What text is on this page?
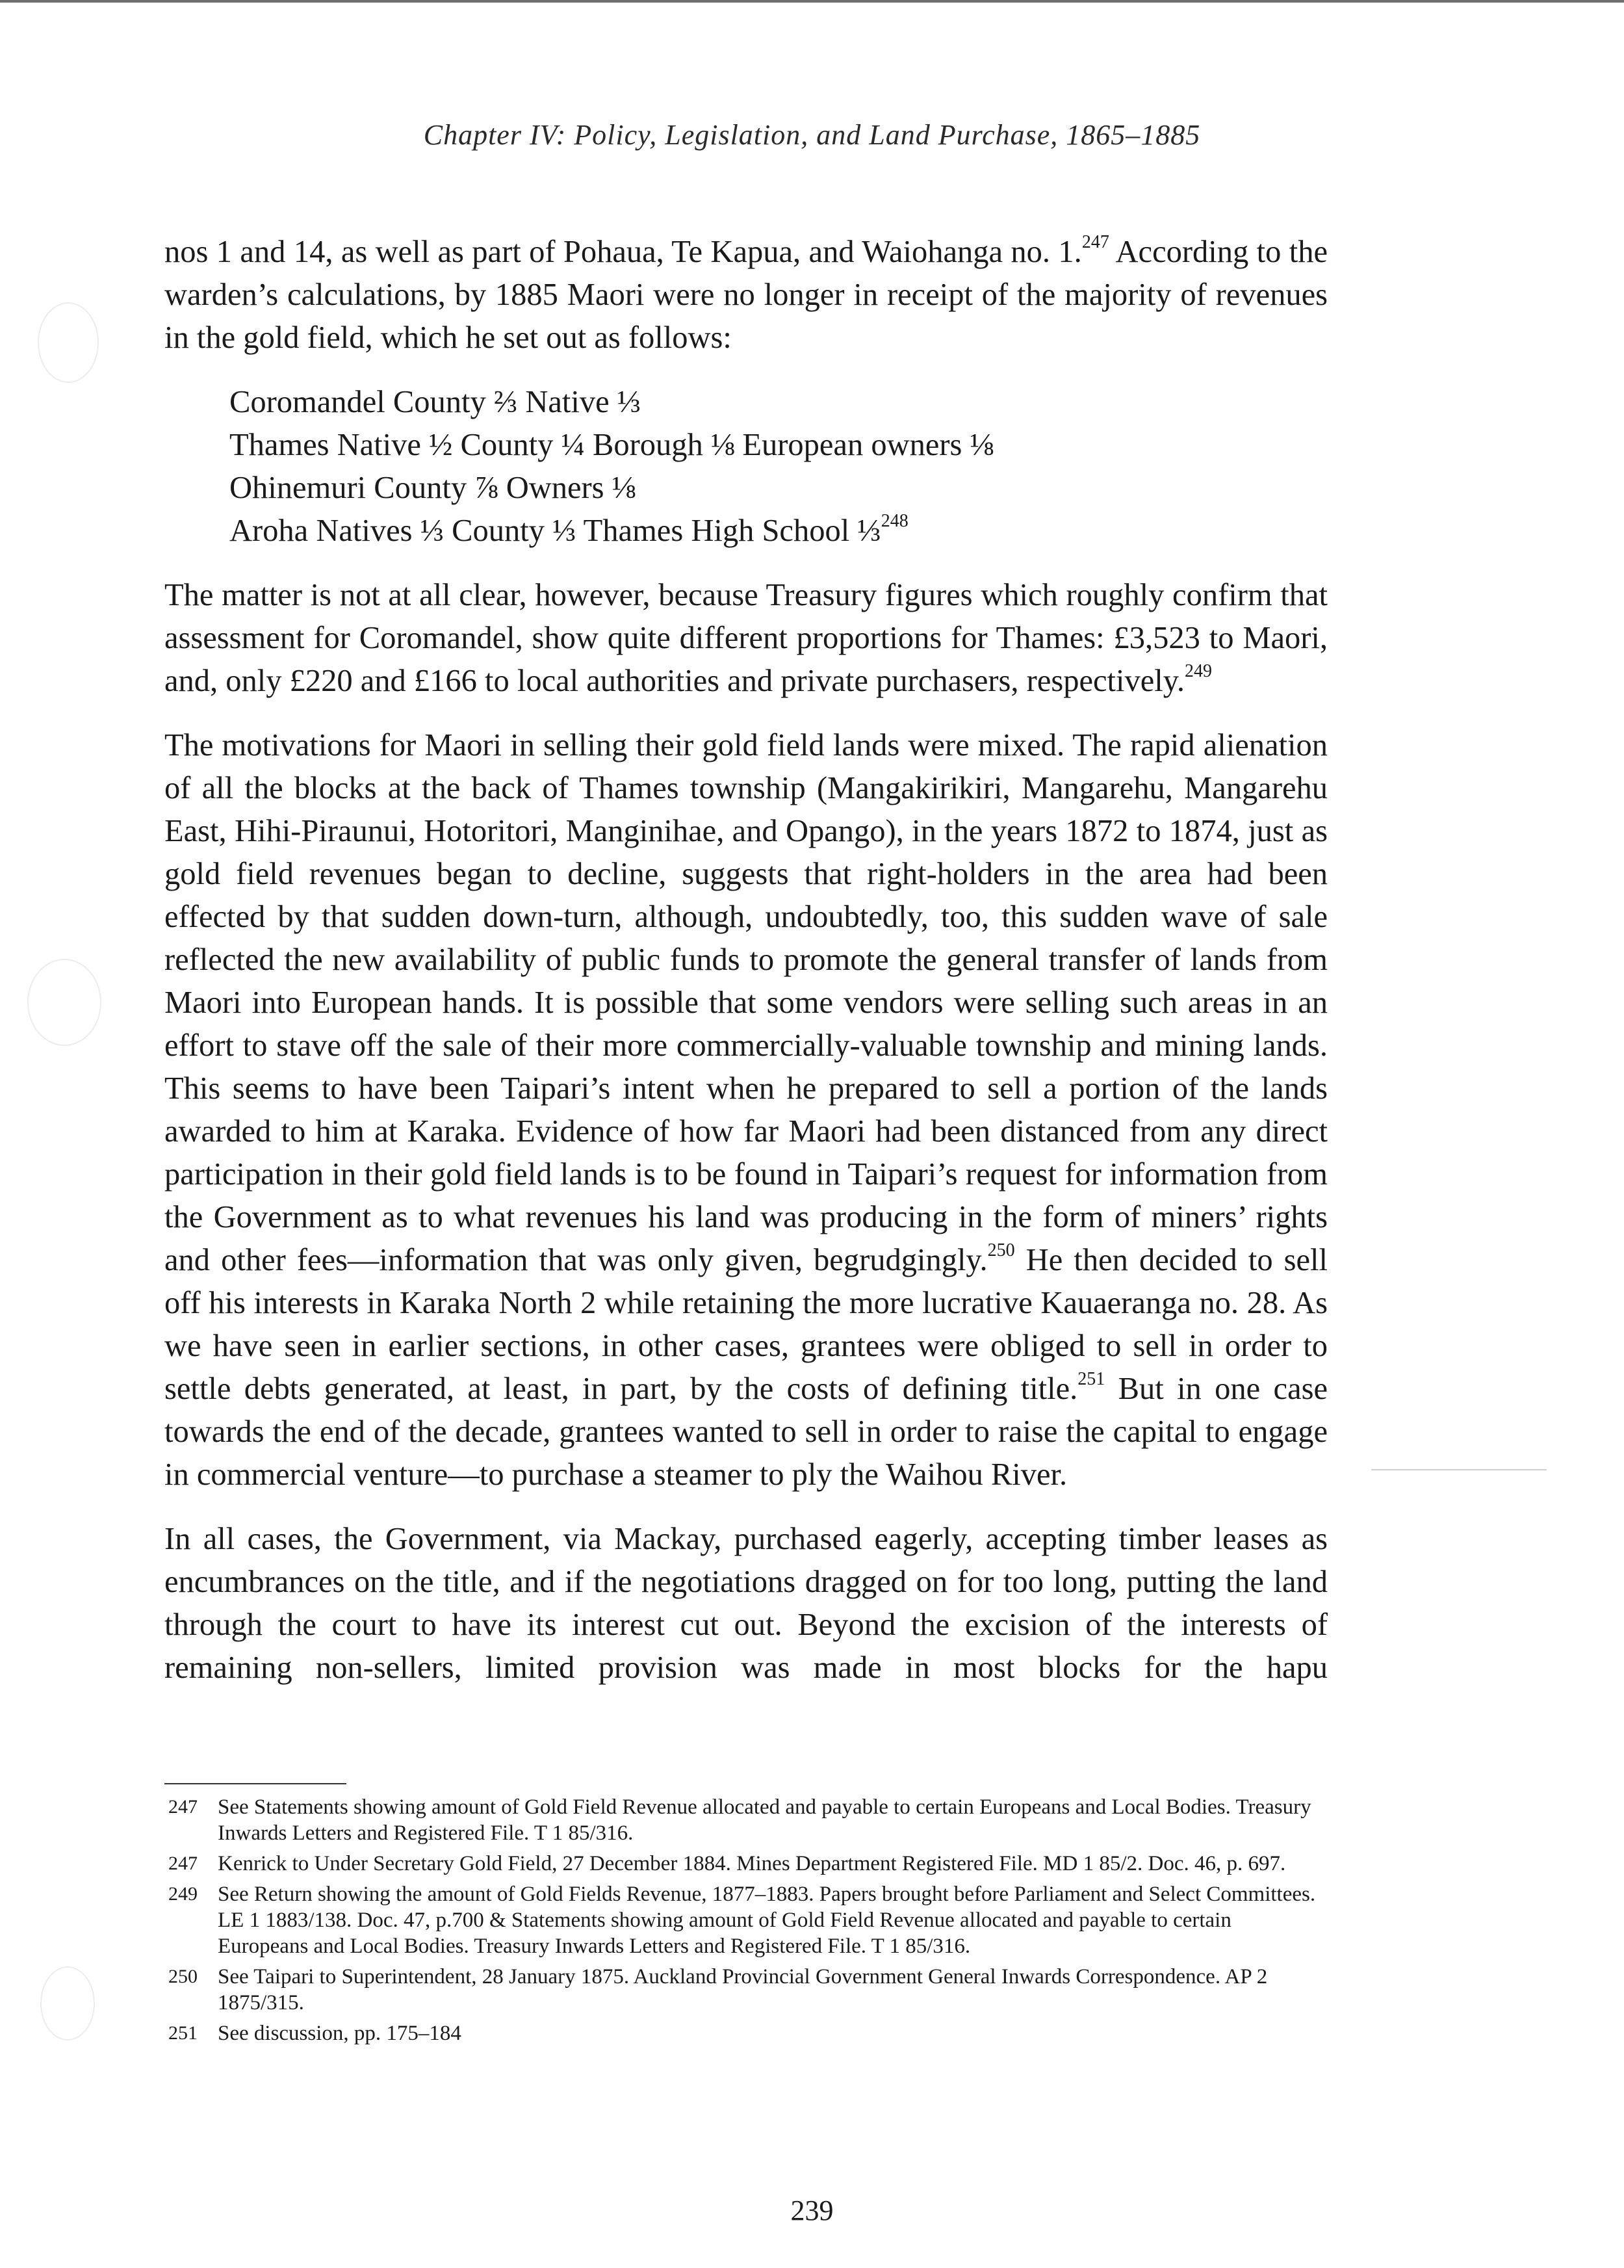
Chapter IV: Policy, Legislation, and Land Purchase, 1865–1885

nos 1 and 14, as well as part of Pohaua, Te Kapua, and Waiohanga no. 1.$^{247}$ According to the warden’s calculations, by 1885 Maori were no longer in receipt of the majority of revenues in the gold field, which he set out as follows:

Coromandel County ⅔ Native ⅓
Thames Native ½ County ¼ Borough ⅛ European owners ⅛
Ohinemuri County ⅞ Owners ⅛
Aroha Natives ⅓ County ⅓ Thames High School ⅓$^{248}$

The matter is not at all clear, however, because Treasury figures which roughly confirm that assessment for Coromandel, show quite different proportions for Thames: £3,523 to Maori, and, only £220 and £166 to local authorities and private purchasers, respectively.$^{249}$

The motivations for Maori in selling their gold field lands were mixed. The rapid alienation of all the blocks at the back of Thames township (Mangakirikiri, Mangarehu, Mangarehu East, Hihi-Piraunui, Hotoritori, Manginihae, and Opango), in the years 1872 to 1874, just as gold field revenues began to decline, suggests that right-holders in the area had been effected by that sudden down-turn, although, undoubtedly, too, this sudden wave of sale reflected the new availability of public funds to promote the general transfer of lands from Maori into European hands. It is possible that some vendors were selling such areas in an effort to stave off the sale of their more commercially-valuable township and mining lands. This seems to have been Taipari’s intent when he prepared to sell a portion of the lands awarded to him at Karaka. Evidence of how far Maori had been distanced from any direct participation in their gold field lands is to be found in Taipari’s request for information from the Government as to what revenues his land was producing in the form of miners’ rights and other fees—information that was only given, begrudgingly.$^{250}$ He then decided to sell off his interests in Karaka North 2 while retaining the more lucrative Kauaeranga no. 28. As we have seen in earlier sections, in other cases, grantees were obliged to sell in order to settle debts generated, at least, in part, by the costs of defining title.$^{251}$ But in one case towards the end of the decade, grantees wanted to sell in order to raise the capital to engage in commercial venture—to purchase a steamer to ply the Waihou River.

In all cases, the Government, via Mackay, purchased eagerly, accepting timber leases as encumbrances on the title, and if the negotiations dragged on for too long, putting the land through the court to have its interest cut out. Beyond the excision of the interests of remaining non-sellers, limited provision was made in most blocks for the hapu

247 See Statements showing amount of Gold Field Revenue allocated and payable to certain Europeans and Local Bodies. Treasury Inwards Letters and Registered File. T 1 85/316.
247 Kenrick to Under Secretary Gold Field, 27 December 1884. Mines Department Registered File. MD 1 85/2. Doc. 46, p. 697.
249 See Return showing the amount of Gold Fields Revenue, 1877–1883. Papers brought before Parliament and Select Committees. LE 1 1883/138. Doc. 47, p.700 & Statements showing amount of Gold Field Revenue allocated and payable to certain Europeans and Local Bodies. Treasury Inwards Letters and Registered File. T 1 85/316.
250 See Taipari to Superintendent, 28 January 1875. Auckland Provincial Government General Inwards Correspondence. AP 2 1875/315.
251 See discussion, pp. 175–184
239
